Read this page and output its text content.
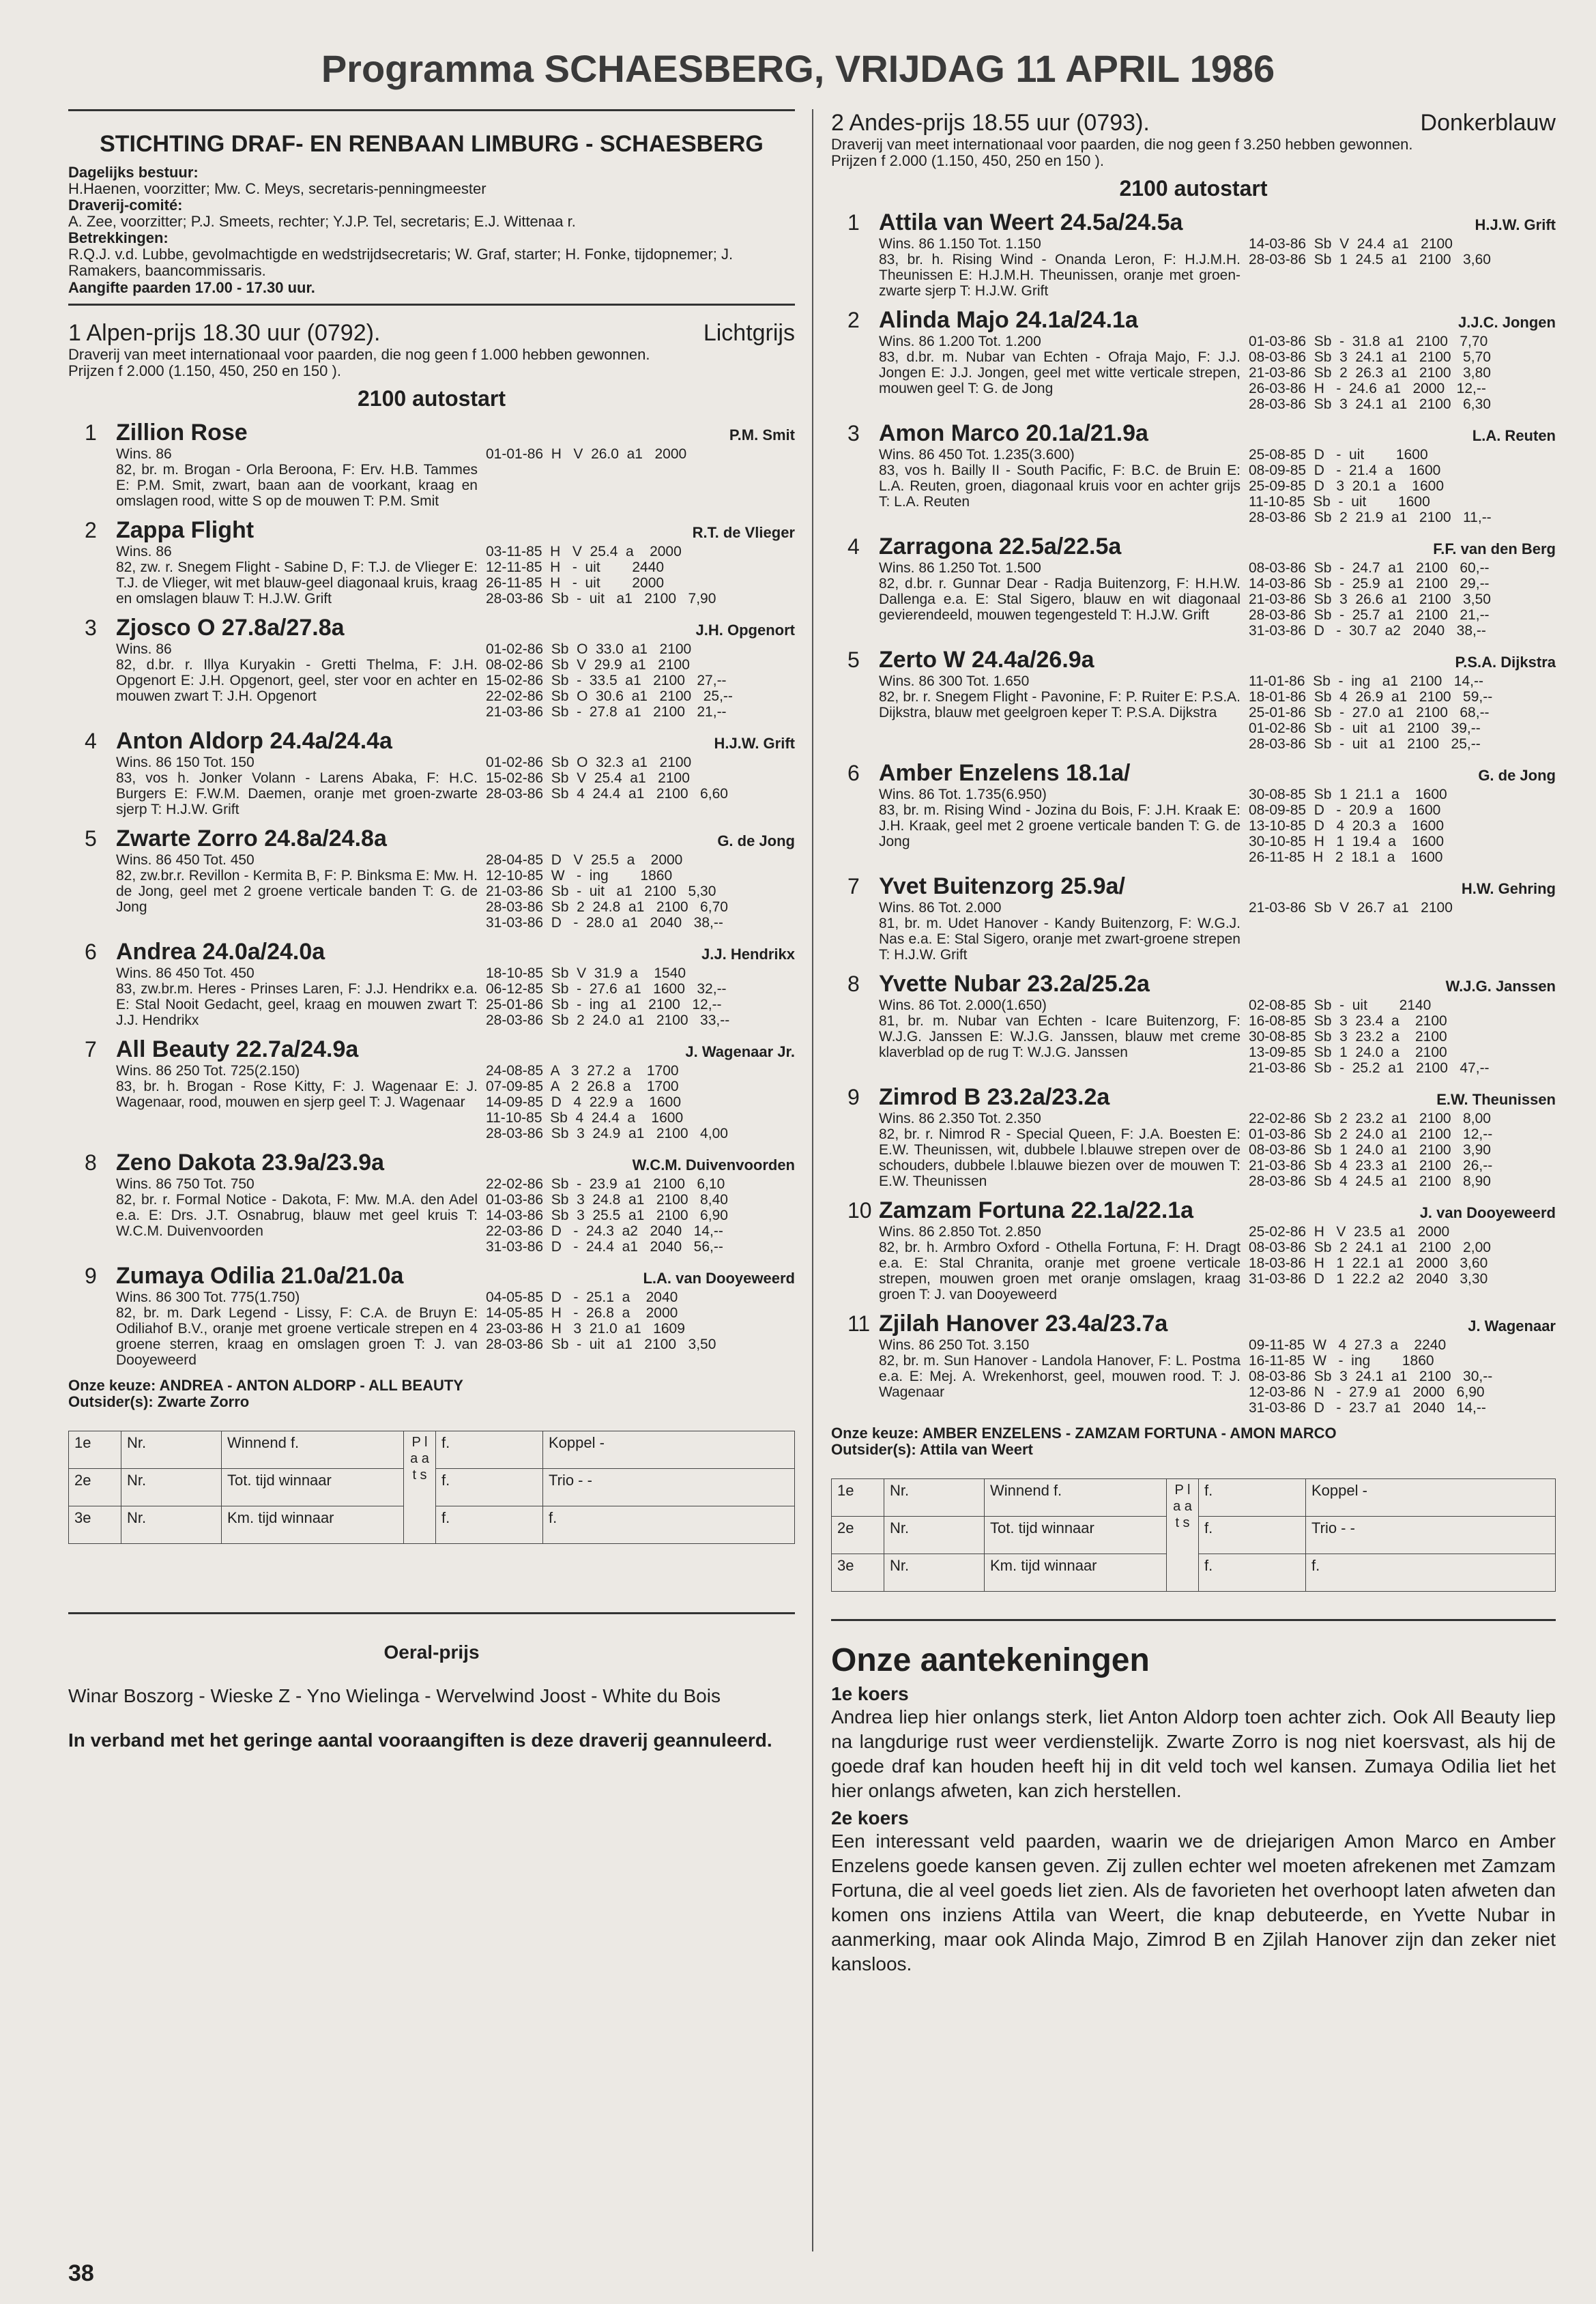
Programma SCHAESBERG, VRIJDAG 11 APRIL 1986
STICHTING DRAF- EN RENBAAN LIMBURG - SCHAESBERG
Dagelijks bestuur:
H.Haenen, voorzitter; Mw. C. Meys, secretaris-penningmeester
Draverij-comité:
A. Zee, voorzitter; P.J. Smeets, rechter; Y.J.P. Tel, secretaris; E.J. Wittenaa r.
Betrekkingen:
R.Q.J. v.d. Lubbe, gevolmachtigde en wedstrijdsecretaris; W. Graf, starter; H. Fonke, tijdopnemer; J. Ramakers, baancommissaris.
Aangifte paarden 17.00 - 17.30 uur.
1 Alpen-prijs 18.30 uur (0792).	Lichtgrijs
Draverij van meet internationaal voor paarden, die nog geen f 1.000 hebben gewonnen.
Prijzen f 2.000 (1.150, 450, 250 en 150 ).
2100 autostart
1 Zillion Rose	P.M. Smit
Wins. 86
82, br. m. Brogan - Orla Beroona, F: Erv. H.B. Tammes E: P.M. Smit, zwart, baan aan de voorkant, kraag en omslagen rood, witte S op de mouwen T: P.M. Smit
01-01-86  H   V  26.0  a1   2000
2 Zappa Flight	R.T. de Vlieger
Wins. 86
82, zw. r. Snegem Flight - Sabine D, F: T.J. de Vlieger E: T.J. de Vlieger, wit met blauw-geel diagonaal kruis, kraag en omslagen blauw T: H.J.W. Grift
03-11-85  H   V  25.4  a    2000
12-11-85  H   -  uit        2440
26-11-85  H   -  uit        2000
28-03-86  Sb  -  uit   a1   2100   7,90
3 Zjosco O 27.8a/27.8a	J.H. Opgenort
Wins. 86
82, d.br. r. Illya Kuryakin - Gretti Thelma, F: J.H. Opgenort E: J.H. Opgenort, geel, ster voor en achter en mouwen zwart T: J.H. Opgenort
01-02-86  Sb  O  33.0  a1   2100
08-02-86  Sb  V  29.9  a1   2100
15-02-86  Sb  -  33.5  a1   2100   27,--
22-02-86  Sb  O  30.6  a1   2100   25,--
21-03-86  Sb  -  27.8  a1   2100   21,--
4 Anton Aldorp 24.4a/24.4a	H.J.W. Grift
Wins. 86 150 Tot. 150
83, vos h. Jonker Volann - Larens Abaka, F: H.C. Burgers E: F.W.M. Daemen, oranje met groen-zwarte sjerp T: H.J.W. Grift
01-02-86  Sb  O  32.3  a1   2100
15-02-86  Sb  V  25.4  a1   2100
28-03-86  Sb  4  24.4  a1   2100   6,60
5 Zwarte Zorro 24.8a/24.8a	G. de Jong
Wins. 86 450 Tot. 450
82, zw.br.r. Revillon - Kermita B, F: P. Binksma E: Mw. H. de Jong, geel met 2 groene verticale banden T: G. de Jong
28-04-85  D   V  25.5  a    2000
12-10-85  W   -  ing        1860
21-03-86  Sb  -  uit   a1   2100   5,30
28-03-86  Sb  2  24.8  a1   2100   6,70
31-03-86  D   -  28.0  a1   2040   38,--
6 Andrea 24.0a/24.0a	J.J. Hendrikx
Wins. 86 450 Tot. 450
83, zw.br.m. Heres - Prinses Laren, F: J.J. Hendrikx e.a. E: Stal Nooit Gedacht, geel, kraag en mouwen zwart T: J.J. Hendrikx
18-10-85  Sb  V  31.9  a    1540
06-12-85  Sb  -  27.6  a1   1600   32,--
25-01-86  Sb  -  ing   a1   2100   12,--
28-03-86  Sb  2  24.0  a1   2100   33,--
7 All Beauty 22.7a/24.9a	J. Wagenaar Jr.
Wins. 86 250 Tot. 725(2.150)
83, br. h. Brogan - Rose Kitty, F: J. Wagenaar E: J. Wagenaar, rood, mouwen en sjerp geel T: J. Wagenaar
24-08-85  A   3  27.2  a    1700
07-09-85  A   2  26.8  a    1700
14-09-85  D   4  22.9  a    1600
11-10-85  Sb  4  24.4  a    1600
28-03-86  Sb  3  24.9  a1   2100   4,00
8 Zeno Dakota 23.9a/23.9a	W.C.M. Duivenvoorden
Wins. 86 750 Tot. 750
82, br. r. Formal Notice - Dakota, F: Mw. M.A. den Adel e.a. E: Drs. J.T. Osnabrug, blauw met geel kruis T: W.C.M. Duivenvoorden
22-02-86  Sb  -  23.9  a1   2100   6,10
01-03-86  Sb  3  24.8  a1   2100   8,40
14-03-86  Sb  3  25.5  a1   2100   6,90
22-03-86  D   -  24.3  a2   2040   14,--
31-03-86  D   -  24.4  a1   2040   56,--
9 Zumaya Odilia 21.0a/21.0a	L.A. van Dooyeweerd
Wins. 86 300 Tot. 775(1.750)
82, br. m. Dark Legend - Lissy, F: C.A. de Bruyn E: Odiliahof B.V., oranje met groene verticale strepen en 4 groene sterren, kraag en omslagen groen T: J. van Dooyeweerd
04-05-85  D   -  25.1  a    2040
14-05-85  H   -  26.8  a    2000
23-03-86  H   3  21.0  a1   1609
28-03-86  Sb  -  uit   a1   2100   3,50
Onze keuze: ANDREA - ANTON ALDORP - ALL BEAUTY
Outsider(s): Zwarte Zorro
1e	Nr.	Winnend f.	P l a a t s	f.	Koppel -
2e	Nr.	Tot. tijd winnaar		f.	Trio - -
3e	Nr.	Km. tijd winnaar		f.	f.
Oeral-prijs
Winar Boszorg - Wieske Z - Yno Wielinga - Wervelwind Joost - White du Bois
In verband met het geringe aantal vooraangiften is deze draverij geannuleerd.
2 Andes-prijs 18.55 uur (0793).	Donkerblauw
Draverij van meet internationaal voor paarden, die nog geen f 3.250 hebben gewonnen.
Prijzen f 2.000 (1.150, 450, 250 en 150 ).
2100 autostart
1 Attila van Weert 24.5a/24.5a	H.J.W. Grift
Wins. 86 1.150 Tot. 1.150
83, br. h. Rising Wind - Onanda Leron, F: H.J.M.H. Theunissen E: H.J.M.H. Theunissen, oranje met groen-zwarte sjerp T: H.J.W. Grift
14-03-86  Sb  V  24.4  a1   2100
28-03-86  Sb  1  24.5  a1   2100   3,60
2 Alinda Majo 24.1a/24.1a	J.J.C. Jongen
Wins. 86 1.200 Tot. 1.200
83, d.br. m. Nubar van Echten - Ofraja Majo, F: J.J. Jongen E: J.J. Jongen, geel met witte verticale strepen, mouwen geel T: G. de Jong
01-03-86  Sb  -  31.8  a1   2100   7,70
08-03-86  Sb  3  24.1  a1   2100   5,70
21-03-86  Sb  2  26.3  a1   2100   3,80
26-03-86  H   -  24.6  a1   2000   12,--
28-03-86  Sb  3  24.1  a1   2100   6,30
3 Amon Marco 20.1a/21.9a	L.A. Reuten
Wins. 86 450 Tot. 1.235(3.600)
83, vos h. Bailly II - South Pacific, F: B.C. de Bruin E: L.A. Reuten, groen, diagonaal kruis voor en achter grijs T: L.A. Reuten
25-08-85  D   -  uit        1600
08-09-85  D   -  21.4  a    1600
25-09-85  D   3  20.1  a    1600
11-10-85  Sb  -  uit        1600
28-03-86  Sb  2  21.9  a1   2100   11,--
4 Zarragona 22.5a/22.5a	F.F. van den Berg
Wins. 86 1.250 Tot. 1.500
82, d.br. r. Gunnar Dear - Radja Buitenzorg, F: H.H.W. Dallenga e.a. E: Stal Sigero, blauw en wit diagonaal gevierendeeld, mouwen tegengesteld T: H.J.W. Grift
08-03-86  Sb  -  24.7  a1   2100   60,--
14-03-86  Sb  -  25.9  a1   2100   29,--
21-03-86  Sb  3  26.6  a1   2100   3,50
28-03-86  Sb  -  25.7  a1   2100   21,--
31-03-86  D   -  30.7  a2   2040   38,--
5 Zerto W 24.4a/26.9a	P.S.A. Dijkstra
Wins. 86 300 Tot. 1.650
82, br. r. Snegem Flight - Pavonine, F: P. Ruiter E: P.S.A. Dijkstra, blauw met geelgroen keper T: P.S.A. Dijkstra
11-01-86  Sb  -  ing   a1   2100   14,--
18-01-86  Sb  4  26.9  a1   2100   59,--
25-01-86  Sb  -  27.0  a1   2100   68,--
01-02-86  Sb  -  uit   a1   2100   39,--
28-03-86  Sb  -  uit   a1   2100   25,--
6 Amber Enzelens 18.1a/	G. de Jong
Wins. 86 Tot. 1.735(6.950)
83, br. m. Rising Wind - Jozina du Bois, F: J.H. Kraak E: J.H. Kraak, geel met 2 groene verticale banden T: G. de Jong
30-08-85  Sb  1  21.1  a    1600
08-09-85  D   -  20.9  a    1600
13-10-85  D   4  20.3  a    1600
30-10-85  H   1  19.4  a    1600
26-11-85  H   2  18.1  a    1600
7 Yvet Buitenzorg 25.9a/	H.W. Gehring
Wins. 86 Tot. 2.000
81, br. m. Udet Hanover - Kandy Buitenzorg, F: W.G.J. Nas e.a. E: Stal Sigero, oranje met zwart-groene strepen T: H.J.W. Grift
21-03-86  Sb  V  26.7  a1   2100
8 Yvette Nubar 23.2a/25.2a	W.J.G. Janssen
Wins. 86 Tot. 2.000(1.650)
81, br. m. Nubar van Echten - Icare Buitenzorg, F: W.J.G. Janssen E: W.J.G. Janssen, blauw met creme klaverblad op de rug T: W.J.G. Janssen
02-08-85  Sb  -  uit        2140
16-08-85  Sb  3  23.4  a    2100
30-08-85  Sb  3  23.2  a    2100
13-09-85  Sb  1  24.0  a    2100
21-03-86  Sb  -  25.2  a1   2100   47,--
9 Zimrod B 23.2a/23.2a	E.W. Theunissen
Wins. 86 2.350 Tot. 2.350
82, br. r. Nimrod R - Special Queen, F: J.A. Boesten E: E.W. Theunissen, wit, dubbele l.blauwe strepen over de schouders, dubbele l.blauwe biezen over de mouwen T: E.W. Theunissen
22-02-86  Sb  2  23.2  a1   2100   8,00
01-03-86  Sb  2  24.0  a1   2100   12,--
08-03-86  Sb  1  24.0  a1   2100   3,90
21-03-86  Sb  4  23.3  a1   2100   26,--
28-03-86  Sb  4  24.5  a1   2100   8,90
10 Zamzam Fortuna 22.1a/22.1a	J. van Dooyeweerd
Wins. 86 2.850 Tot. 2.850
82, br. h. Armbro Oxford - Othella Fortuna, F: H. Dragt e.a. E: Stal Chranita, oranje met groene verticale strepen, mouwen groen met oranje omslagen, kraag groen T: J. van Dooyeweerd
25-02-86  H   V  23.5  a1   2000
08-03-86  Sb  2  24.1  a1   2100   2,00
18-03-86  H   1  22.1  a1   2000   3,60
31-03-86  D   1  22.2  a2   2040   3,30
11 Zjilah Hanover 23.4a/23.7a	J. Wagenaar
Wins. 86 250 Tot. 3.150
82, br. m. Sun Hanover - Landola Hanover, F: L. Postma e.a. E: Mej. A. Wrekenhorst, geel, mouwen rood. T: J. Wagenaar
09-11-85  W   4  27.3  a    2240
16-11-85  W   -  ing        1860
08-03-86  Sb  3  24.1  a1   2100   30,--
12-03-86  N   -  27.9  a1   2000   6,90
31-03-86  D   -  23.7  a1   2040   14,--
Onze keuze: AMBER ENZELENS - ZAMZAM FORTUNA - AMON MARCO
Outsider(s): Attila van Weert
1e	Nr.	Winnend f.	P l a a t s	f.	Koppel -
2e	Nr.	Tot. tijd winnaar		f.	Trio - -
3e	Nr.	Km. tijd winnaar		f.	f.
Onze aantekeningen
1e koers
Andrea liep hier onlangs sterk, liet Anton Aldorp toen achter zich. Ook All Beauty liep na langdurige rust weer verdienstelijk. Zwarte Zorro is nog niet koersvast, als hij de goede draf kan houden heeft hij in dit veld toch wel kansen. Zumaya Odilia liet het hier onlangs afweten, kan zich herstellen.
2e koers
Een interessant veld paarden, waarin we de driejarigen Amon Marco en Amber Enzelens goede kansen geven. Zij zullen echter wel moeten afrekenen met Zamzam Fortuna, die al veel goeds liet zien. Als de favorieten het overhoopt laten afweten dan komen ons inziens Attila van Weert, die knap debuteerde, en Yvette Nubar in aanmerking, maar ook Alinda Majo, Zimrod B en Zjilah Hanover zijn dan zeker niet kansloos.
38
